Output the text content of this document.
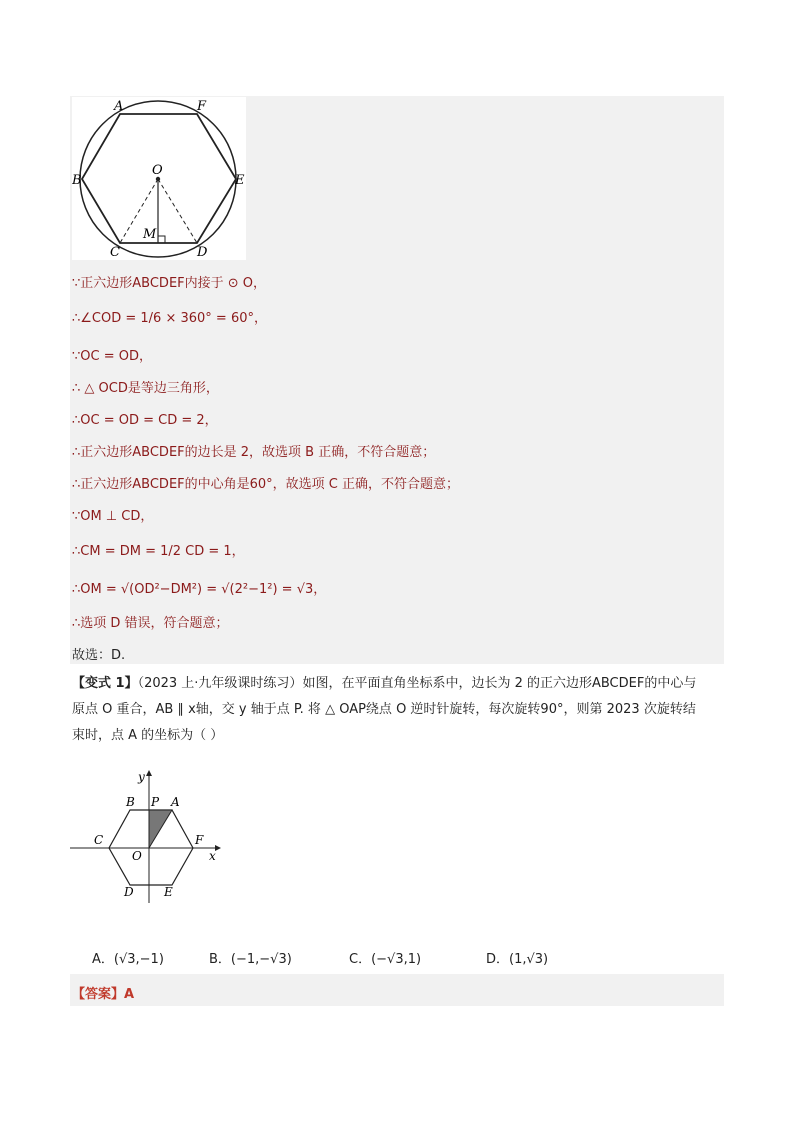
A	F
B
O
E
C
M
D
∵正六边形ABCDEF内接于 ⊙ O，
∴∠COD = 1/6 × 360° = 60°，
∵OC = OD，
∴ △ OCD是等边三角形，
∴OC = OD = CD = 2，
∴正六边形ABCDEF的边长是 2，故选项 B 正确，不符合题意；
∴正六边形ABCDEF的中心角是60°，故选项 C 正确，不符合题意；
∵OM ⊥ CD，
∴CM = DM = 1/2 CD = 1，
∴OM = √(OD²−DM²) = √(2²−1²) = √3，
∴选项 D 错误，符合题意；
故选：D.
【变式 1】（2023 上·九年级课时练习）如图，在平面直角坐标系中，边长为 2 的正六边形ABCDEF的中心与
原点 O 重合，AB ∥ x轴，交 y 轴于点 P. 将 △ OAP绕点 O 逆时针旋转，每次旋转90°，则第 2023 次旋转结
束时，点 A 的坐标为（ ）
y
B P A
C	F
O	x
D	E
A．(√3,−1)	B．(−1,−√3)	C．(−√3,1)	D．(1,√3)
【答案】A
